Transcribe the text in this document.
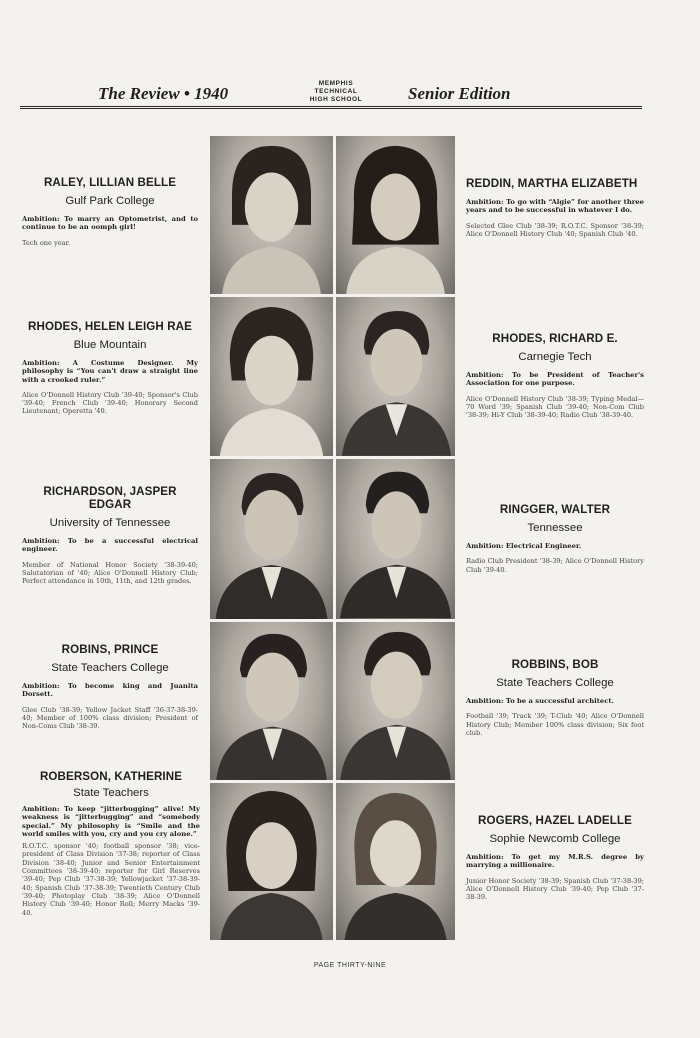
The Review • 1940
MEMPHIS
TECHNICAL
HIGH SCHOOL	Senior Edition
RALEY, LILLIAN BELLE
Gulf Park College
Ambition: To marry an Optometrist, and to continue to be an oomph girl!
Tech one year.
RHODES, HELEN LEIGH RAE
Blue Mountain
Ambition: A Costume Designer. My philosophy is “You can't draw a straight line with a crooked ruler.”
Alice O'Donnell History Club '39-40; Sponsor's Club '39-40; French Club '39-40; Honorary Second Lieutenant; Operetta '40.
RICHARDSON, JASPER EDGAR
University of Tennessee
Ambition: To be a successful electrical engineer.
Member of National Honor Society '38-39-40; Salutatorian of '40; Alice O'Donnell History Club; Perfect attendance in 10th, 11th, and 12th grades.
ROBINS, PRINCE
State Teachers College
Ambition: To become king and Juanita Dorsett.
Glee Club '38-39; Yellow Jacket Staff '36-37-38-39-40; Member of 100% class division; President of Non-Coms Club '38-39.
ROBERSON, KATHERINE
State Teachers
Ambition: To keep “jitterbugging” alive! My weakness is “jitterbugging” and “somebody special.” My philosophy is “Smile and the world smiles with you, cry and you cry alone.”
R.O.T.C. sponsor '40; football sponsor '38; vice-president of Class Division '37-38; reporter of Class Division '38-40; Junior and Senior Entertainment Committees '38-39-40; reporter for Girl Reserves '39-40; Pep Club '37-38-39; Yellowjacket '37-38-39-40; Spanish Club '37-38-39; Twentieth Century Club '39-40; Photoplay Club '38-39; Alice O'Donnell History Club '39-40; Honor Roll; Merry Macks '39-40.
REDDIN, MARTHA ELIZABETH
Ambition: To go with “Algie” for another three years and to be successful in whatever I do.
Selected Glee Club '38-39; R.O.T.C. Sponsor '38-39; Alice O'Donnell History Club '40; Spanish Club '40.
RHODES, RICHARD E.
Carnegie Tech
Ambition: To be President of Teacher's Association for one purpose.
Alice O'Donnell History Club '38-39; Typing Medal—70 Word '39; Spanish Club '39-40; Non-Com Club '38-39; Hi-Y Club '38-39-40; Radio Club '38-39-40.
RINGGER, WALTER
Tennessee
Ambition: Electrical Engineer.
Radio Club President '38-39; Alice O'Donnell History Club '39-40.
ROBBINS, BOB
State Teachers College
Ambition: To be a successful architect.
Football '39; Track '39; T-Club '40; Alice O'Donnell History Club; Member 100% class division; Six foot club.
ROGERS, HAZEL LADELLE
Sophie Newcomb College
Ambition: To get my M.R.S. degree by marrying a millionaire.
Junior Honor Society '38-39; Spanish Club '37-38-39; Alice O'Donnell History Club '39-40; Pep Club '37-38-39.
PAGE THIRTY-NINE
